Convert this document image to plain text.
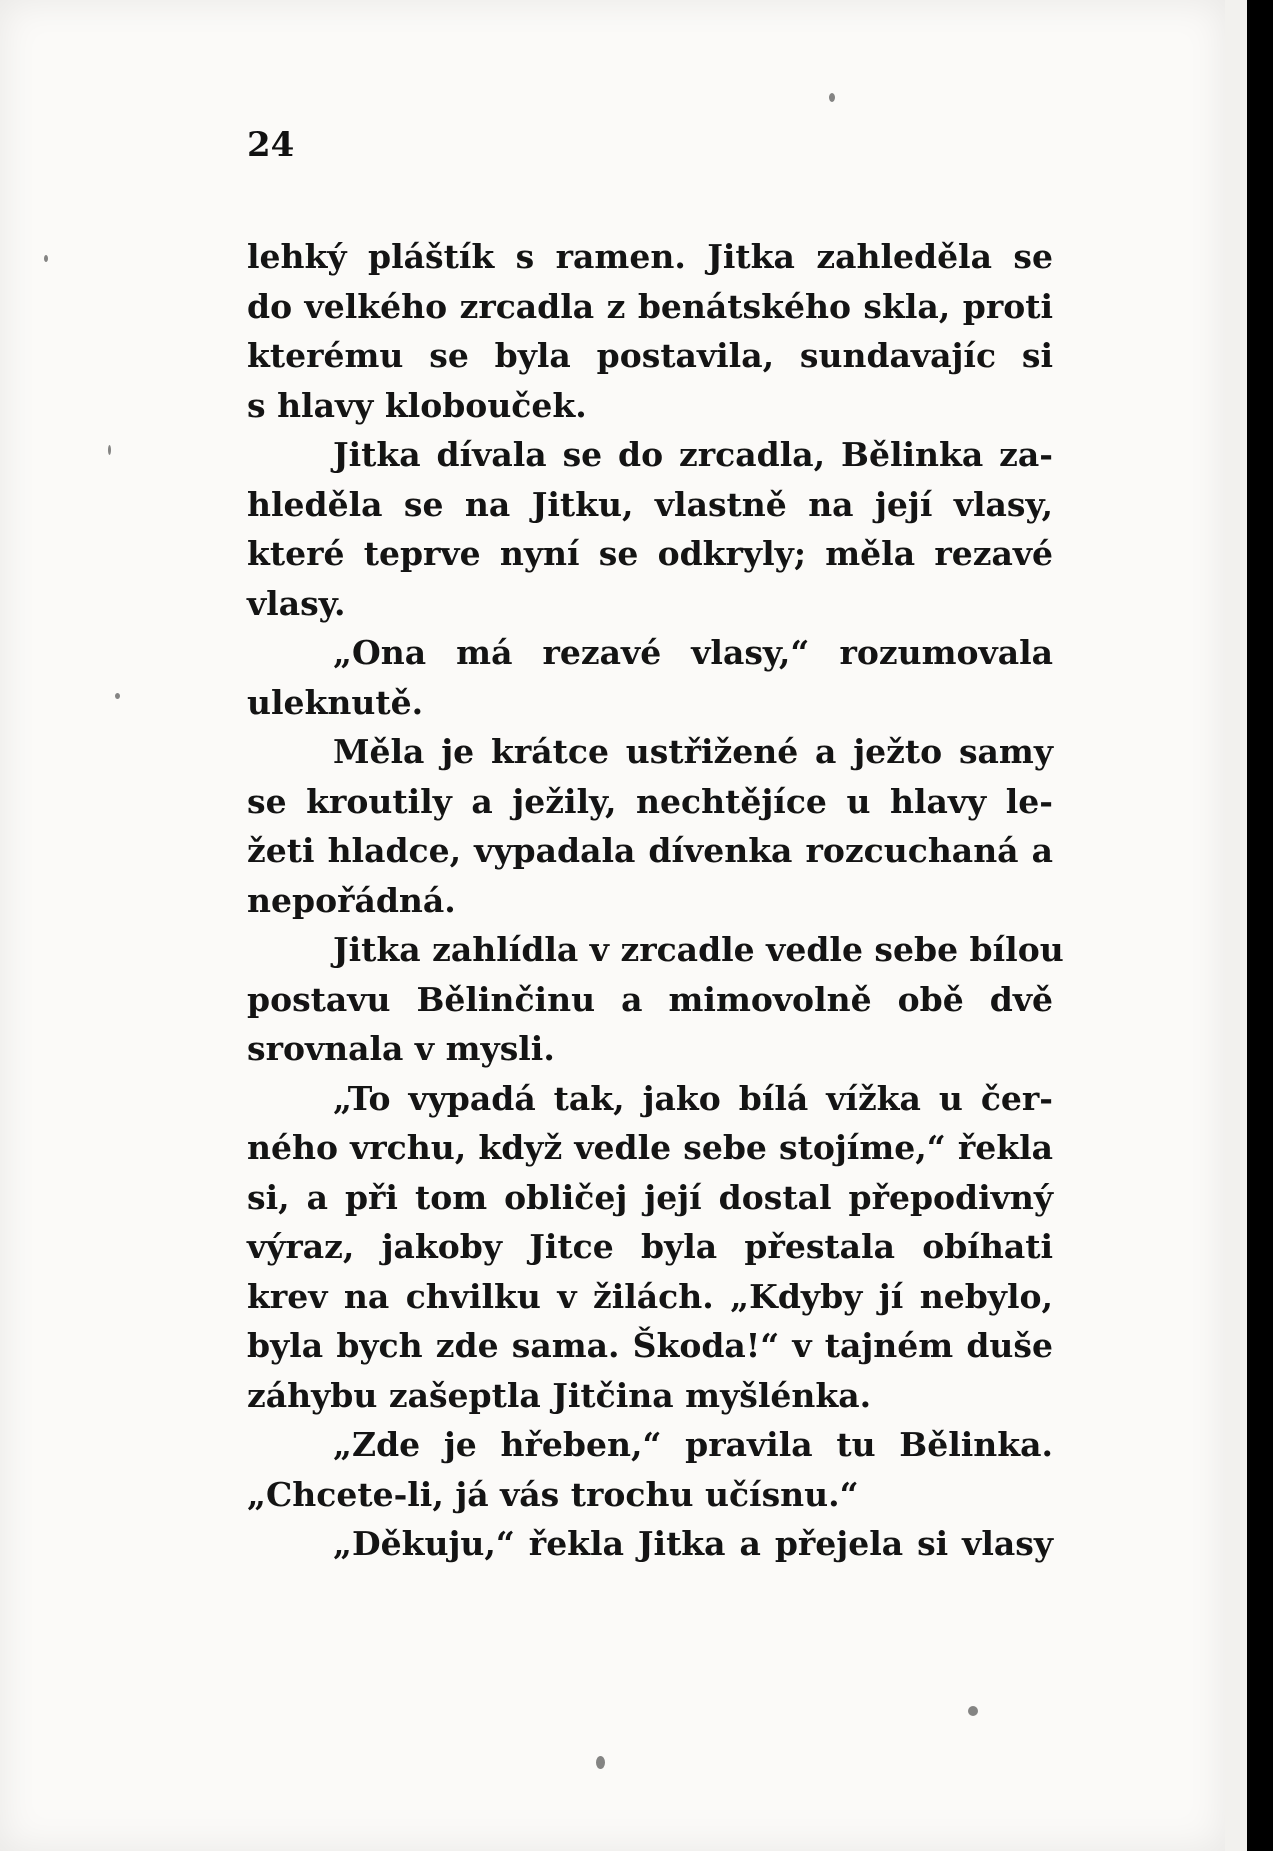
24
lehký pláštík s ramen. Jitka zahleděla se
do velkého zrcadla z benátského skla, proti
kterému se byla postavila, sundavajíc si
s hlavy klobouček.
Jitka dívala se do zrcadla, Bělinka za-
hleděla se na Jitku, vlastně na její vlasy,
které teprve nyní se odkryly; měla rezavé
vlasy.
„Ona má rezavé vlasy,“ rozumovala
uleknutě.
Měla je krátce ustřižené a ježto samy
se kroutily a ježily, nechtějíce u hlavy le-
žeti hladce, vypadala dívenka rozcuchaná a
nepořádná.
Jitka zahlídla v zrcadle vedle sebe bílou
postavu Bělinčinu a mimovolně obě dvě
srovnala v mysli.
„To vypadá tak, jako bílá vížka u čer-
ného vrchu, když vedle sebe stojíme,“ řekla
si, a při tom obličej její dostal přepodivný
výraz, jakoby Jitce byla přestala obíhati
krev na chvilku v žilách. „Kdyby jí nebylo,
byla bych zde sama. Škoda!“ v tajném duše
záhybu zašeptla Jitčina myšlénka.
„Zde je hřeben,“ pravila tu Bělinka.
„Chcete-li, já vás trochu učísnu.“
„Děkuju,“ řekla Jitka a přejela si vlasy
